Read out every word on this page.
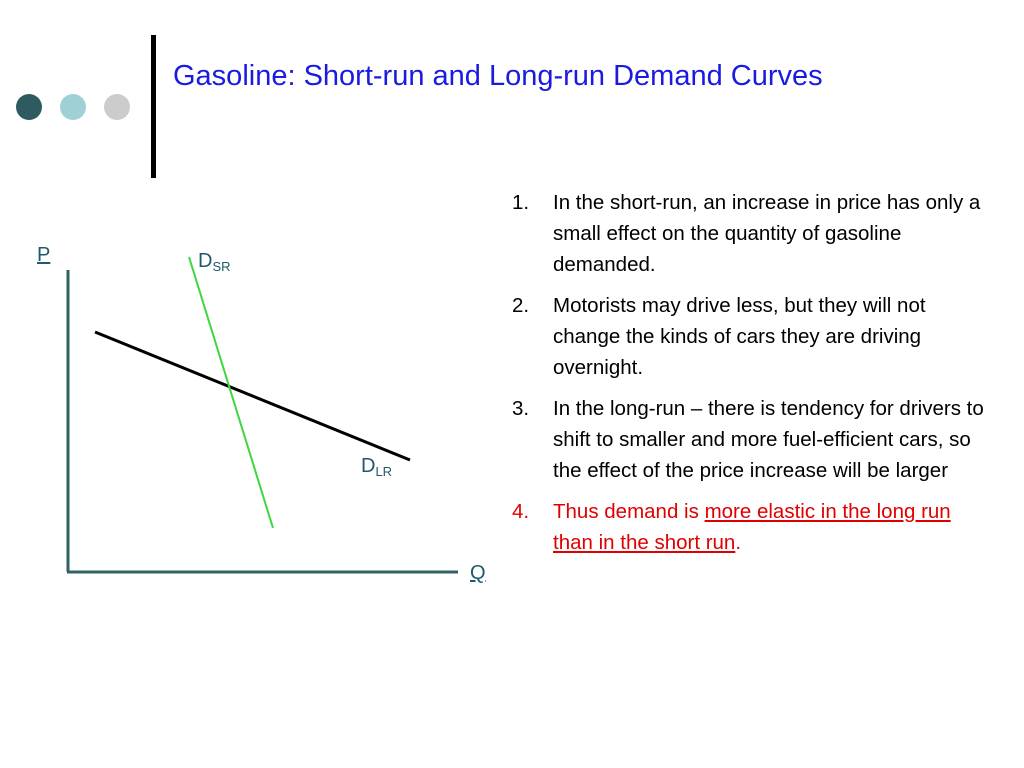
Gasoline: Short-run and Long-run Demand Curves
P
Q
$D_{SR}$
$D_{LR}$
1. In the short-run, an increase in price has only a small effect on the quantity of gasoline demanded.
2. Motorists may drive less, but they will not change the kinds of cars they are driving overnight.
3. In the long-run – there is tendency for drivers to shift to smaller and more fuel-efficient cars, so the effect of the price increase will be larger
4. Thus demand is more elastic in the long run than in the short run.
